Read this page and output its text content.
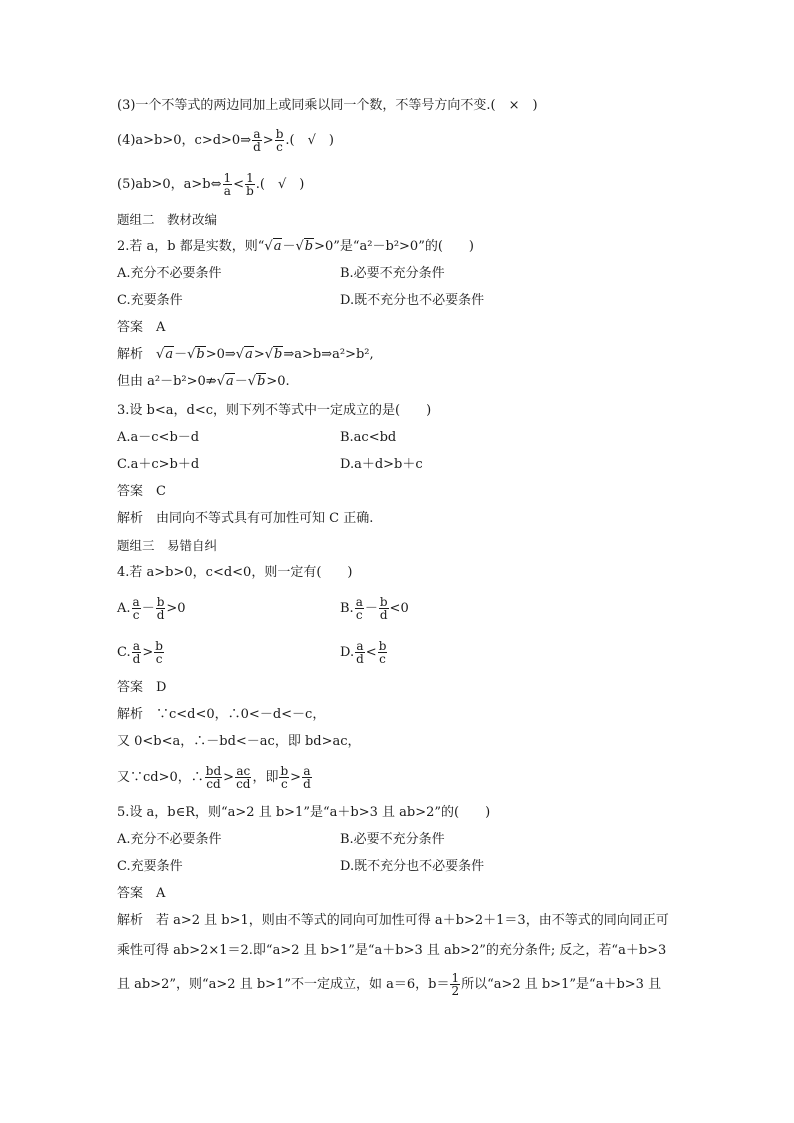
(3)一个不等式的两边同加上或同乘以同一个数，不等号方向不变.(　×　)
(4)a>b>0，c>d>0⇒ $\frac{a}{d} > \frac{b}{c}$ .(　√　)
(5)ab>0，a>b⇔ $\frac{1}{a} < \frac{1}{b}$ .(　√　)
题组二　教材改编
2.若 a，b 都是实数，则“√a－√b>0”是“a²－b²>0”的(　　)
A.充分不必要条件	B.必要不充分条件
C.充要条件	D.既不充分也不必要条件
答案　A
解析　√a－√b>0⇒√a>√b⇒a>b⇒a²>b²,
但由 a²－b²>0⇏√a－√b>0.
3.设 b<a，d<c，则下列不等式中一定成立的是(　　)
A.a－c<b－d	B.ac<bd
C.a＋c>b＋d	D.a＋d>b＋c
答案　C
解析　由同向不等式具有可加性可知 C 正确.
题组三　易错自纠
4.若 a>b>0，c<d<0，则一定有(　　)
A. $\frac{a}{c} - \frac{b}{d} >0$	B. $\frac{a}{c} - \frac{b}{d} <0$
C. $\frac{a}{d} > \frac{b}{c}$	D. $\frac{a}{d} < \frac{b}{c}$
答案　D
解析　∵c<d<0，∴0<－d<－c，
又 0<b<a，∴－bd<－ac，即 bd>ac，
又∵cd>0，∴ $\frac{bd}{cd} > \frac{ac}{cd}$ ，即 $\frac{b}{c} > \frac{a}{d}$
5.设 a，b∈R，则“a>2 且 b>1”是“a＋b>3 且 ab>2”的(　　)
A.充分不必要条件	B.必要不充分条件
C.充要条件	D.既不充分也不必要条件
答案　A
解析　若 a>2 且 b>1，则由不等式的同向可加性可得 a＋b>2＋1＝3，由不等式的同向同正可
乘性可得 ab>2×1＝2.即“a>2 且 b>1”是“a＋b>3 且 ab>2”的充分条件; 反之，若“a＋b>3
且 ab>2”，则“a>2 且 b>1”不一定成立，如 a＝6，$b= \frac{1}{2}$ 所以“a>2 且 b>1”是“a＋b>3 且
